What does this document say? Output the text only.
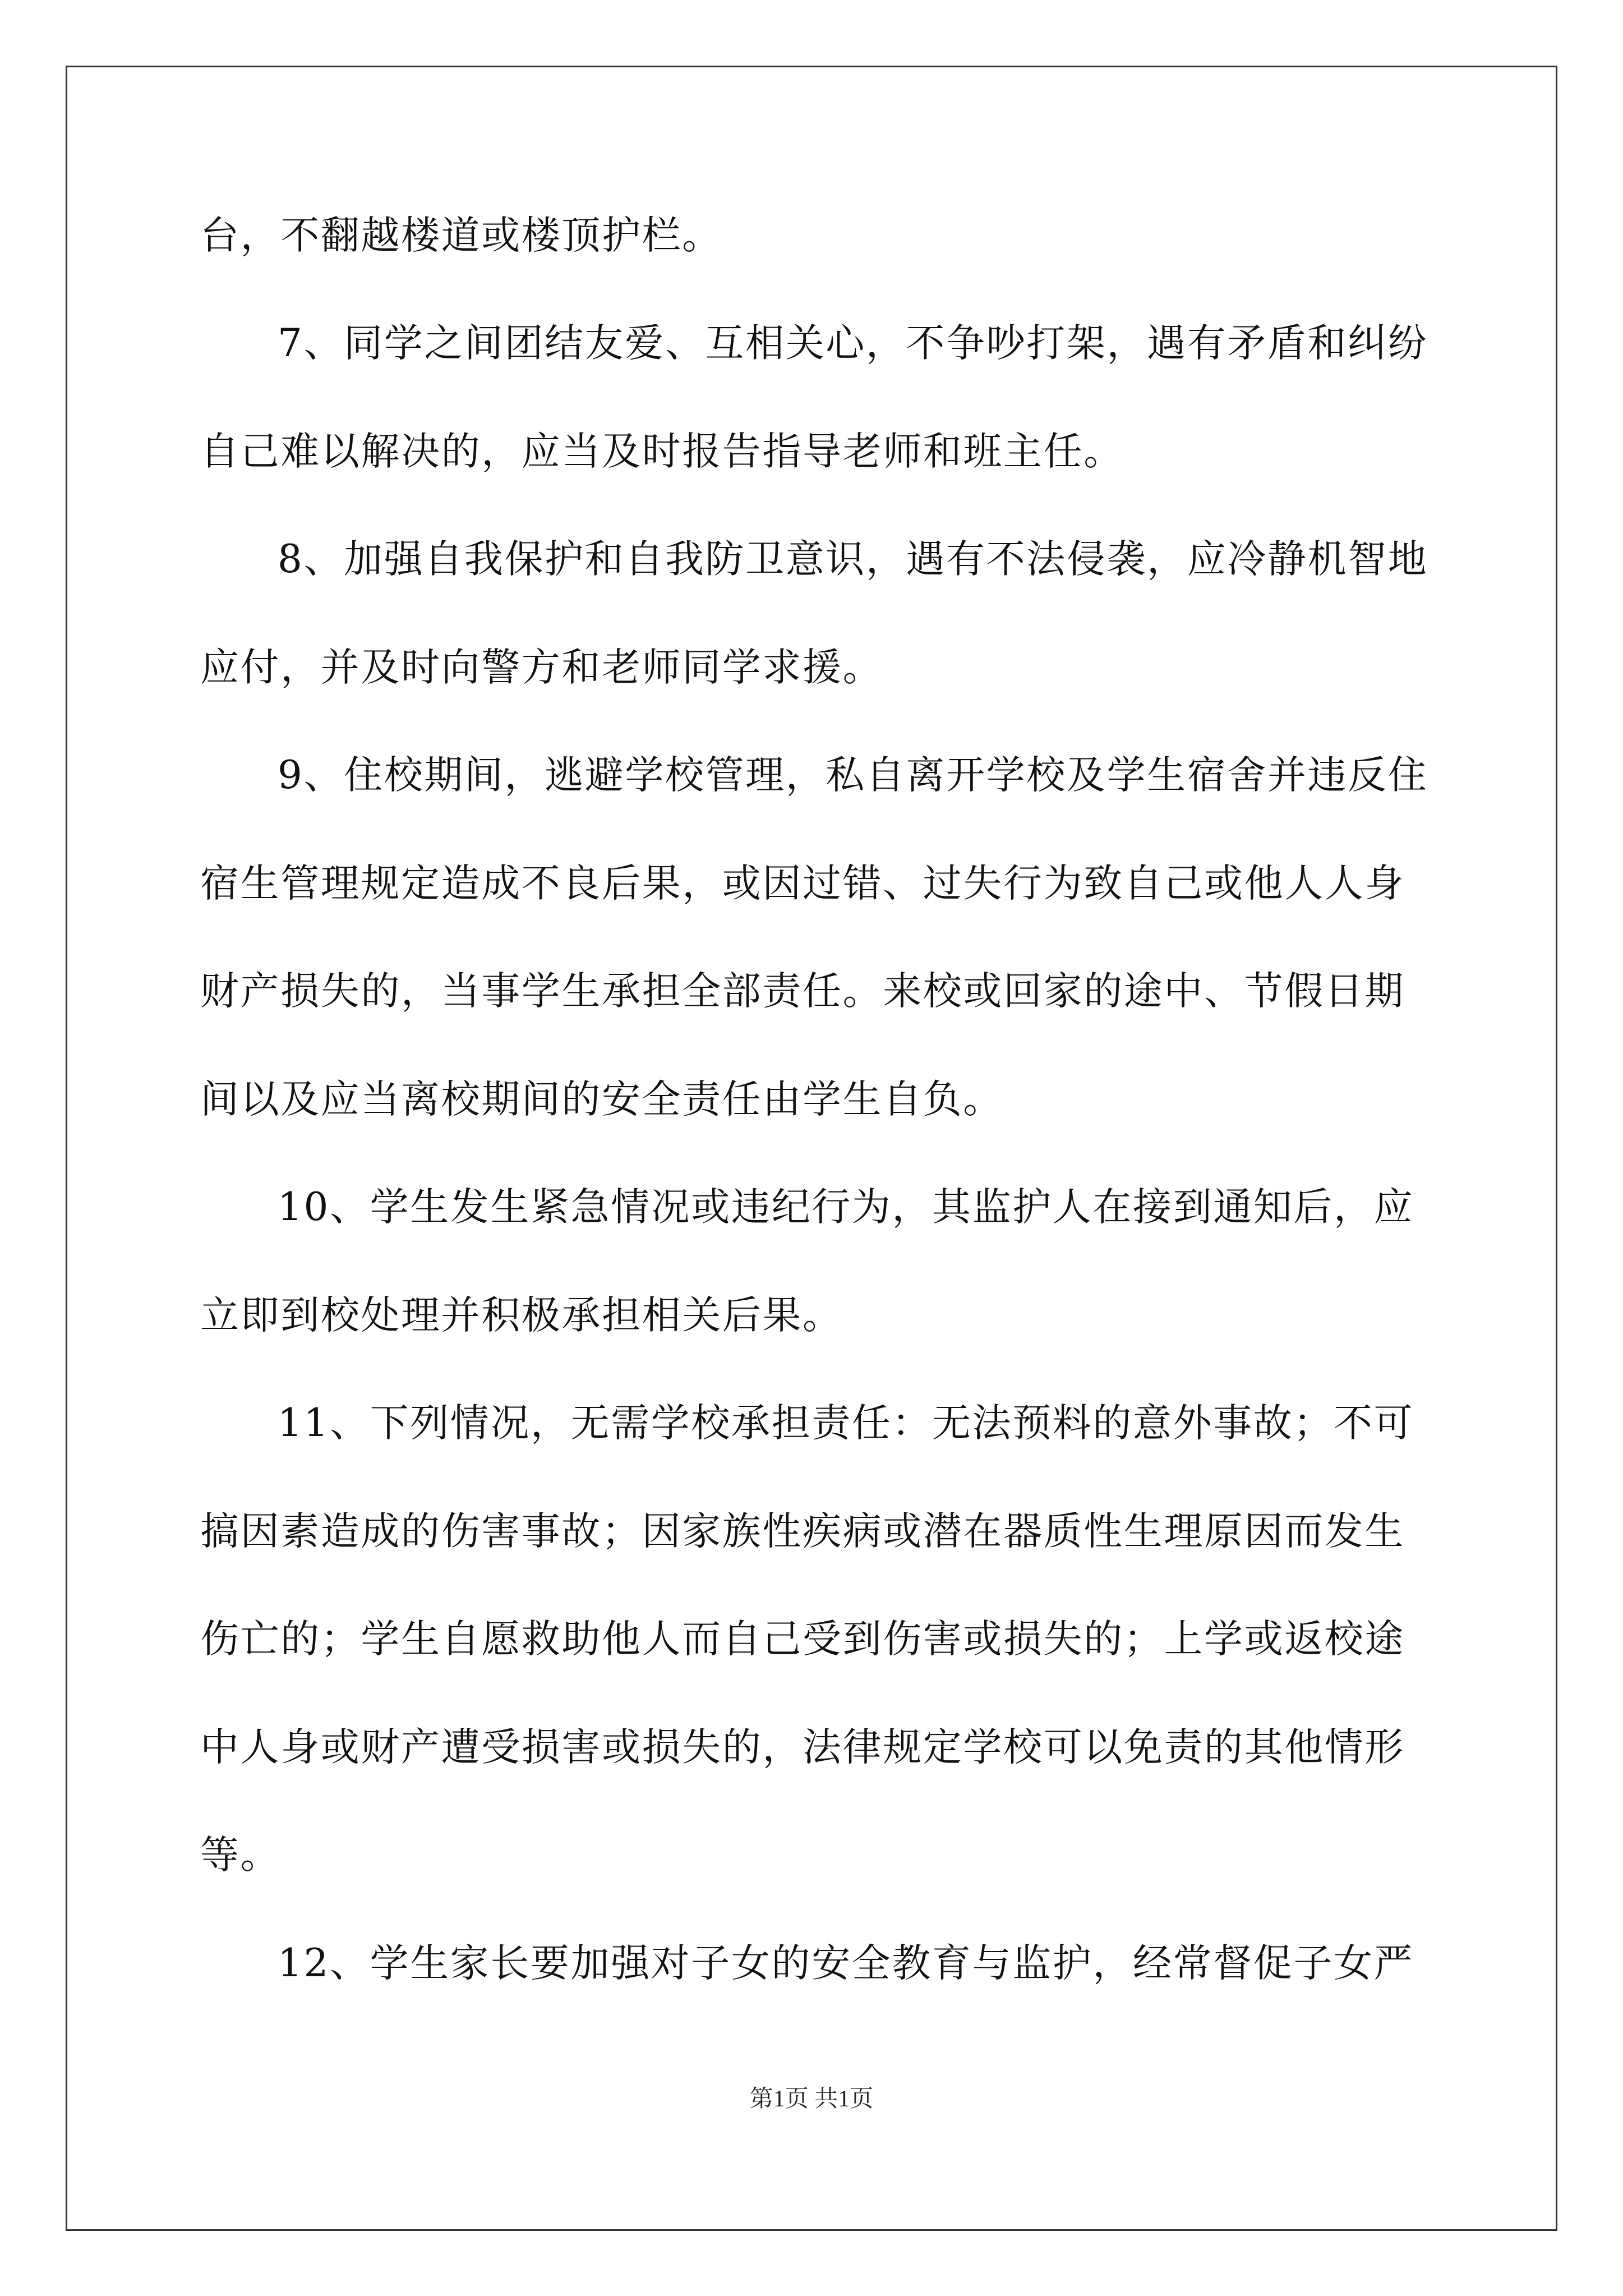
台，不翻越楼道或楼顶护栏。
7、同学之间团结友爱、互相关心，不争吵打架，遇有矛盾和纠纷
自己难以解决的，应当及时报告指导老师和班主任。
8、加强自我保护和自我防卫意识，遇有不法侵袭，应冷静机智地
应付，并及时向警方和老师同学求援。
9、住校期间，逃避学校管理，私自离开学校及学生宿舍并违反住
宿生管理规定造成不良后果，或因过错、过失行为致自己或他人人身
财产损失的，当事学生承担全部责任。来校或回家的途中、节假日期
间以及应当离校期间的安全责任由学生自负。
10、学生发生紧急情况或违纪行为，其监护人在接到通知后，应
立即到校处理并积极承担相关后果。
11、下列情况，无需学校承担责任：无法预料的意外事故；不可
搞因素造成的伤害事故；因家族性疾病或潜在器质性生理原因而发生
伤亡的；学生自愿救助他人而自己受到伤害或损失的；上学或返校途
中人身或财产遭受损害或损失的，法律规定学校可以免责的其他情形
等。
12、学生家长要加强对子女的安全教育与监护，经常督促子女严
第1页 共1页
